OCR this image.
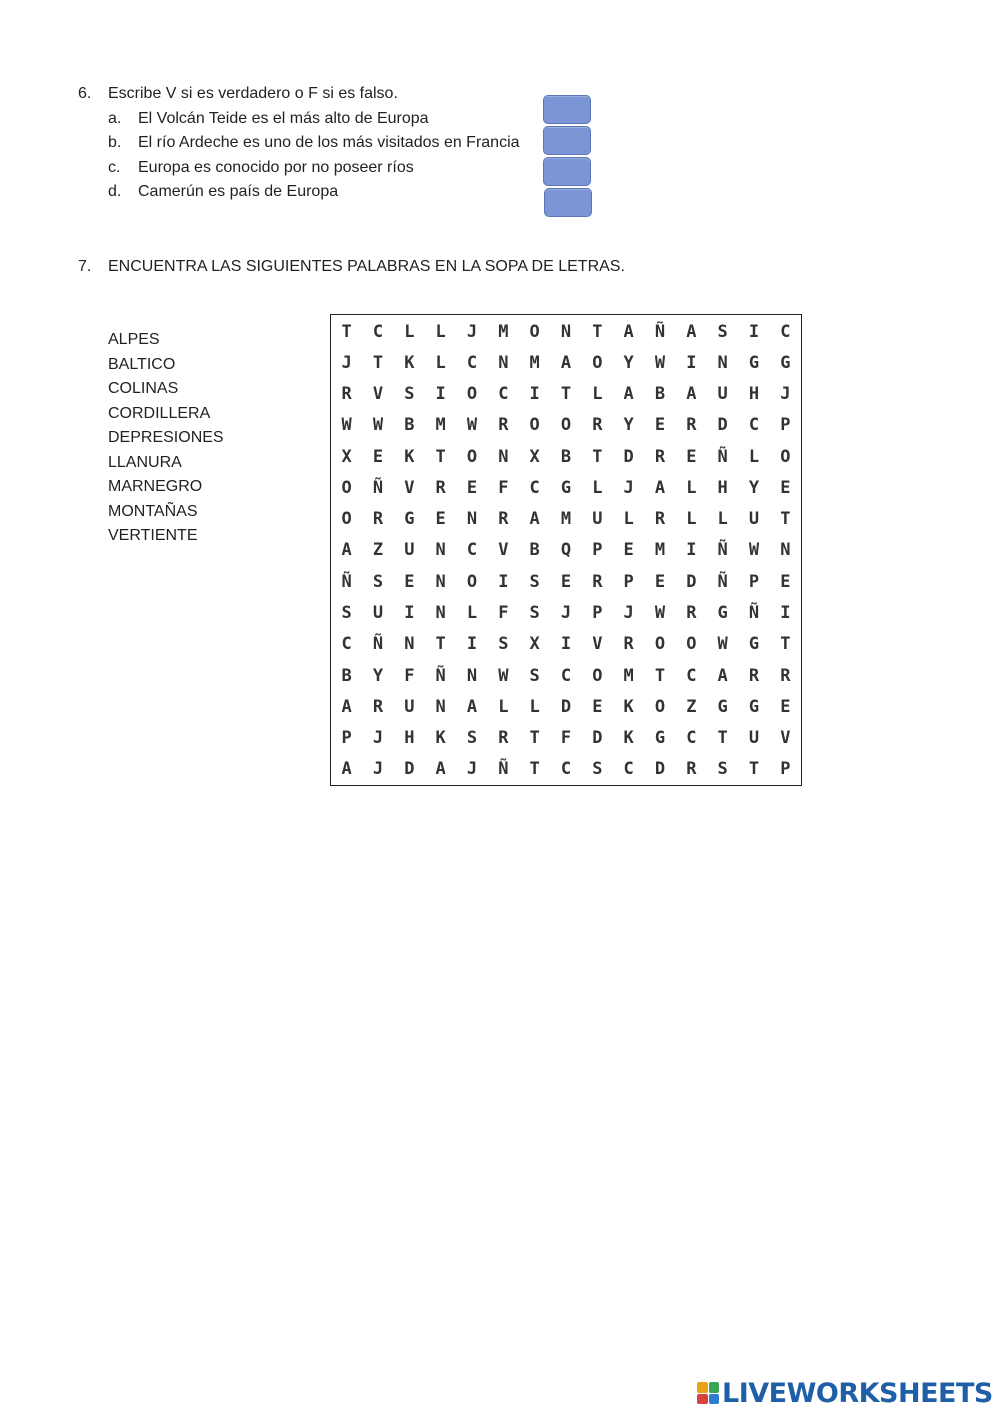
6. Escribe V si es verdadero o F si es falso.
a. El Volcán Teide es el más alto de Europa
b. El río Ardeche es uno de los más visitados en Francia
c. Europa es conocido por no poseer ríos
d. Camerún es país de Europa
7. ENCUENTRA LAS SIGUIENTES PALABRAS EN LA SOPA DE LETRAS.
ALPES
BALTICO
COLINAS
CORDILLERA
DEPRESIONES
LLANURA
MARNEGRO
MONTAÑAS
VERTIENTE
T	C	L	L	J	M	O	N	T	A	Ñ	A	S	I	C
J	T	K	L	C	N	M	A	O	Y	W	I	N	G	G
R	V	S	I	O	C	I	T	L	A	B	A	U	H	J
W	W	B	M	W	R	O	O	R	Y	E	R	D	C	P
X	E	K	T	O	N	X	B	T	D	R	E	Ñ	L	O
O	Ñ	V	R	E	F	C	G	L	J	A	L	H	Y	E
O	R	G	E	N	R	A	M	U	L	R	L	L	U	T
A	Z	U	N	C	V	B	Q	P	E	M	I	Ñ	W	N
Ñ	S	E	N	O	I	S	E	R	P	E	D	Ñ	P	E
S	U	I	N	L	F	S	J	P	J	W	R	G	Ñ	I
C	Ñ	N	T	I	S	X	I	V	R	O	O	W	G	T
B	Y	F	Ñ	N	W	S	C	O	M	T	C	A	R	R
A	R	U	N	A	L	L	D	E	K	O	Z	G	G	E
P	J	H	K	S	R	T	F	D	K	G	C	T	U	V
A	J	D	A	J	Ñ	T	C	S	C	D	R	S	T	P
LIVEWORKSHEETS
